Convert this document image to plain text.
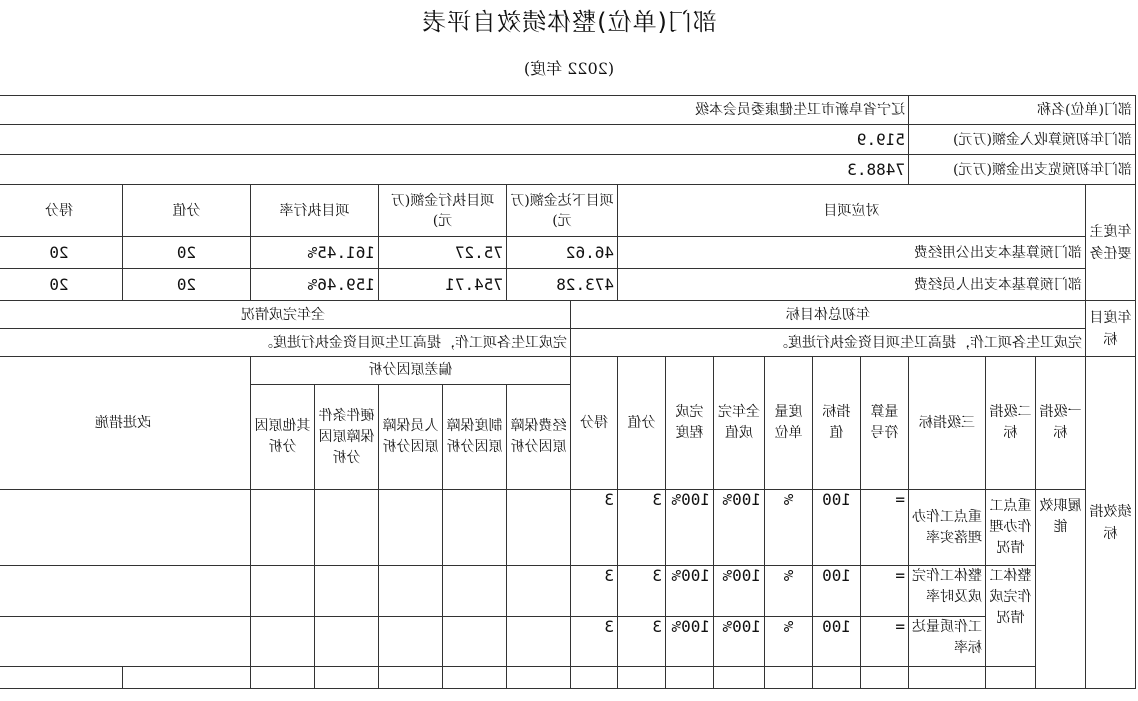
部门(单位)整体绩效自评表
(2022 年度)
部门(单位)名称				辽宁省阜新市卫生健康委员会本级													
部门年初预算收入金额(万元)				519.9													
部门年初预览支出金额(万元)				7488.3													
年度主要任务	对应项目									项目下达金额(万元)		项目执行金额(万元)		项目执行率		分值	得分
	部门预算基本支出公用经费									46.62		75.27		161.45%		20	20
	部门预算基本支出人员经费									473.28		754.71		159.46%		20	20
年度目标	年初总体目标										全年完成情况						
	完成卫生各项工作，提高卫生项目资金执行进度。										完成卫生各项工作，提高卫生项目资金执行进度。						
绩效指标	一级指标	二级指标	三级指标	量算符号	指标值	度量单位	全年完成值	完成程度	分值	得分	偏差原因分析					改进措施	
											经费保障原因分析	制度保障原因分析	人员保障原因分析	硬件条件保障原因分析	其他原因分析		
	履职效能	重点工作办理情况	重点工作办理落实率	=	100	%	100%	100%	3	3							
		整体工作完成情况	整体工作完成及时率	=	100	%	100%	100%	3	3							
			工作质量达标率	=	100	%	100%	100%	3	3							
